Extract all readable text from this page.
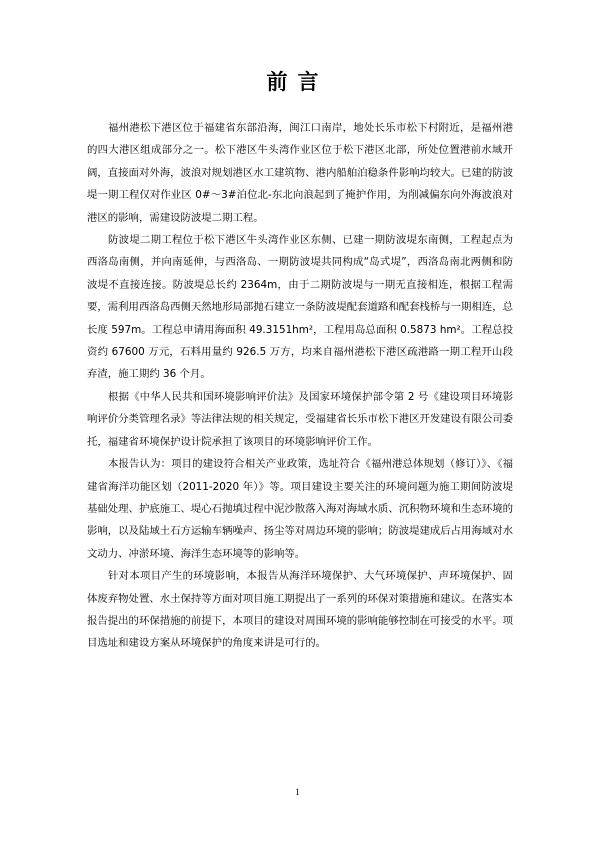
前言

福州港松下港区位于福建省东部沿海，闽江口南岸，地处长乐市松下村附近，是福州港的四大港区组成部分之一。松下港区牛头湾作业区位于松下港区北部，所处位置港前水域开阔，直接面对外海，波浪对规划港区水工建筑物、港内船舶泊稳条件影响均较大。已建的防波堤一期工程仅对作业区 0#～3#泊位北-东北向浪起到了掩护作用，为削减偏东向外海波浪对港区的影响，需建设防波堤二期工程。

防波堤二期工程位于松下港区牛头湾作业区东侧、已建一期防波堤东南侧，工程起点为西洛岛南侧，并向南延伸，与西洛岛、一期防波堤共同构成“岛式堤”，西洛岛南北两侧和防波堤不直接连接。防波堤总长约 2364m，由于二期防波堤与一期无直接相连，根据工程需要，需利用西洛岛西侧天然地形局部抛石建立一条防波堤配套道路和配套栈桥与一期相连，总长度 597m。工程总申请用海面积 49.3151hm²，工程用岛总面积 0.5873 hm²。工程总投资约 67600 万元，石料用量约 926.5 万方，均来自福州港松下港区疏港路一期工程开山段弃渣，施工期约 36 个月。

根据《中华人民共和国环境影响评价法》及国家环境保护部令第 2 号《建设项目环境影响评价分类管理名录》等法律法规的相关规定，受福建省长乐市松下港区开发建设有限公司委托，福建省环境保护设计院承担了该项目的环境影响评价工作。

本报告认为：项目的建设符合相关产业政策，选址符合《福州港总体规划（修订）》、《福建省海洋功能区划（2011-2020 年）》等。项目建设主要关注的环境问题为施工期间防波堤基础处理、护底施工、堤心石抛填过程中泥沙散落入海对海域水质、沉积物环境和生态环境的影响，以及陆域土石方运输车辆噪声、扬尘等对周边环境的影响；防波堤建成后占用海域对水文动力、冲淤环境、海洋生态环境等的影响等。

针对本项目产生的环境影响，本报告从海洋环境保护、大气环境保护、声环境保护、固体废弃物处置、水土保持等方面对项目施工期提出了一系列的环保对策措施和建议。在落实本报告提出的环保措施的前提下，本项目的建设对周围环境的影响能够控制在可接受的水平。项目选址和建设方案从环境保护的角度来讲是可行的。

1
